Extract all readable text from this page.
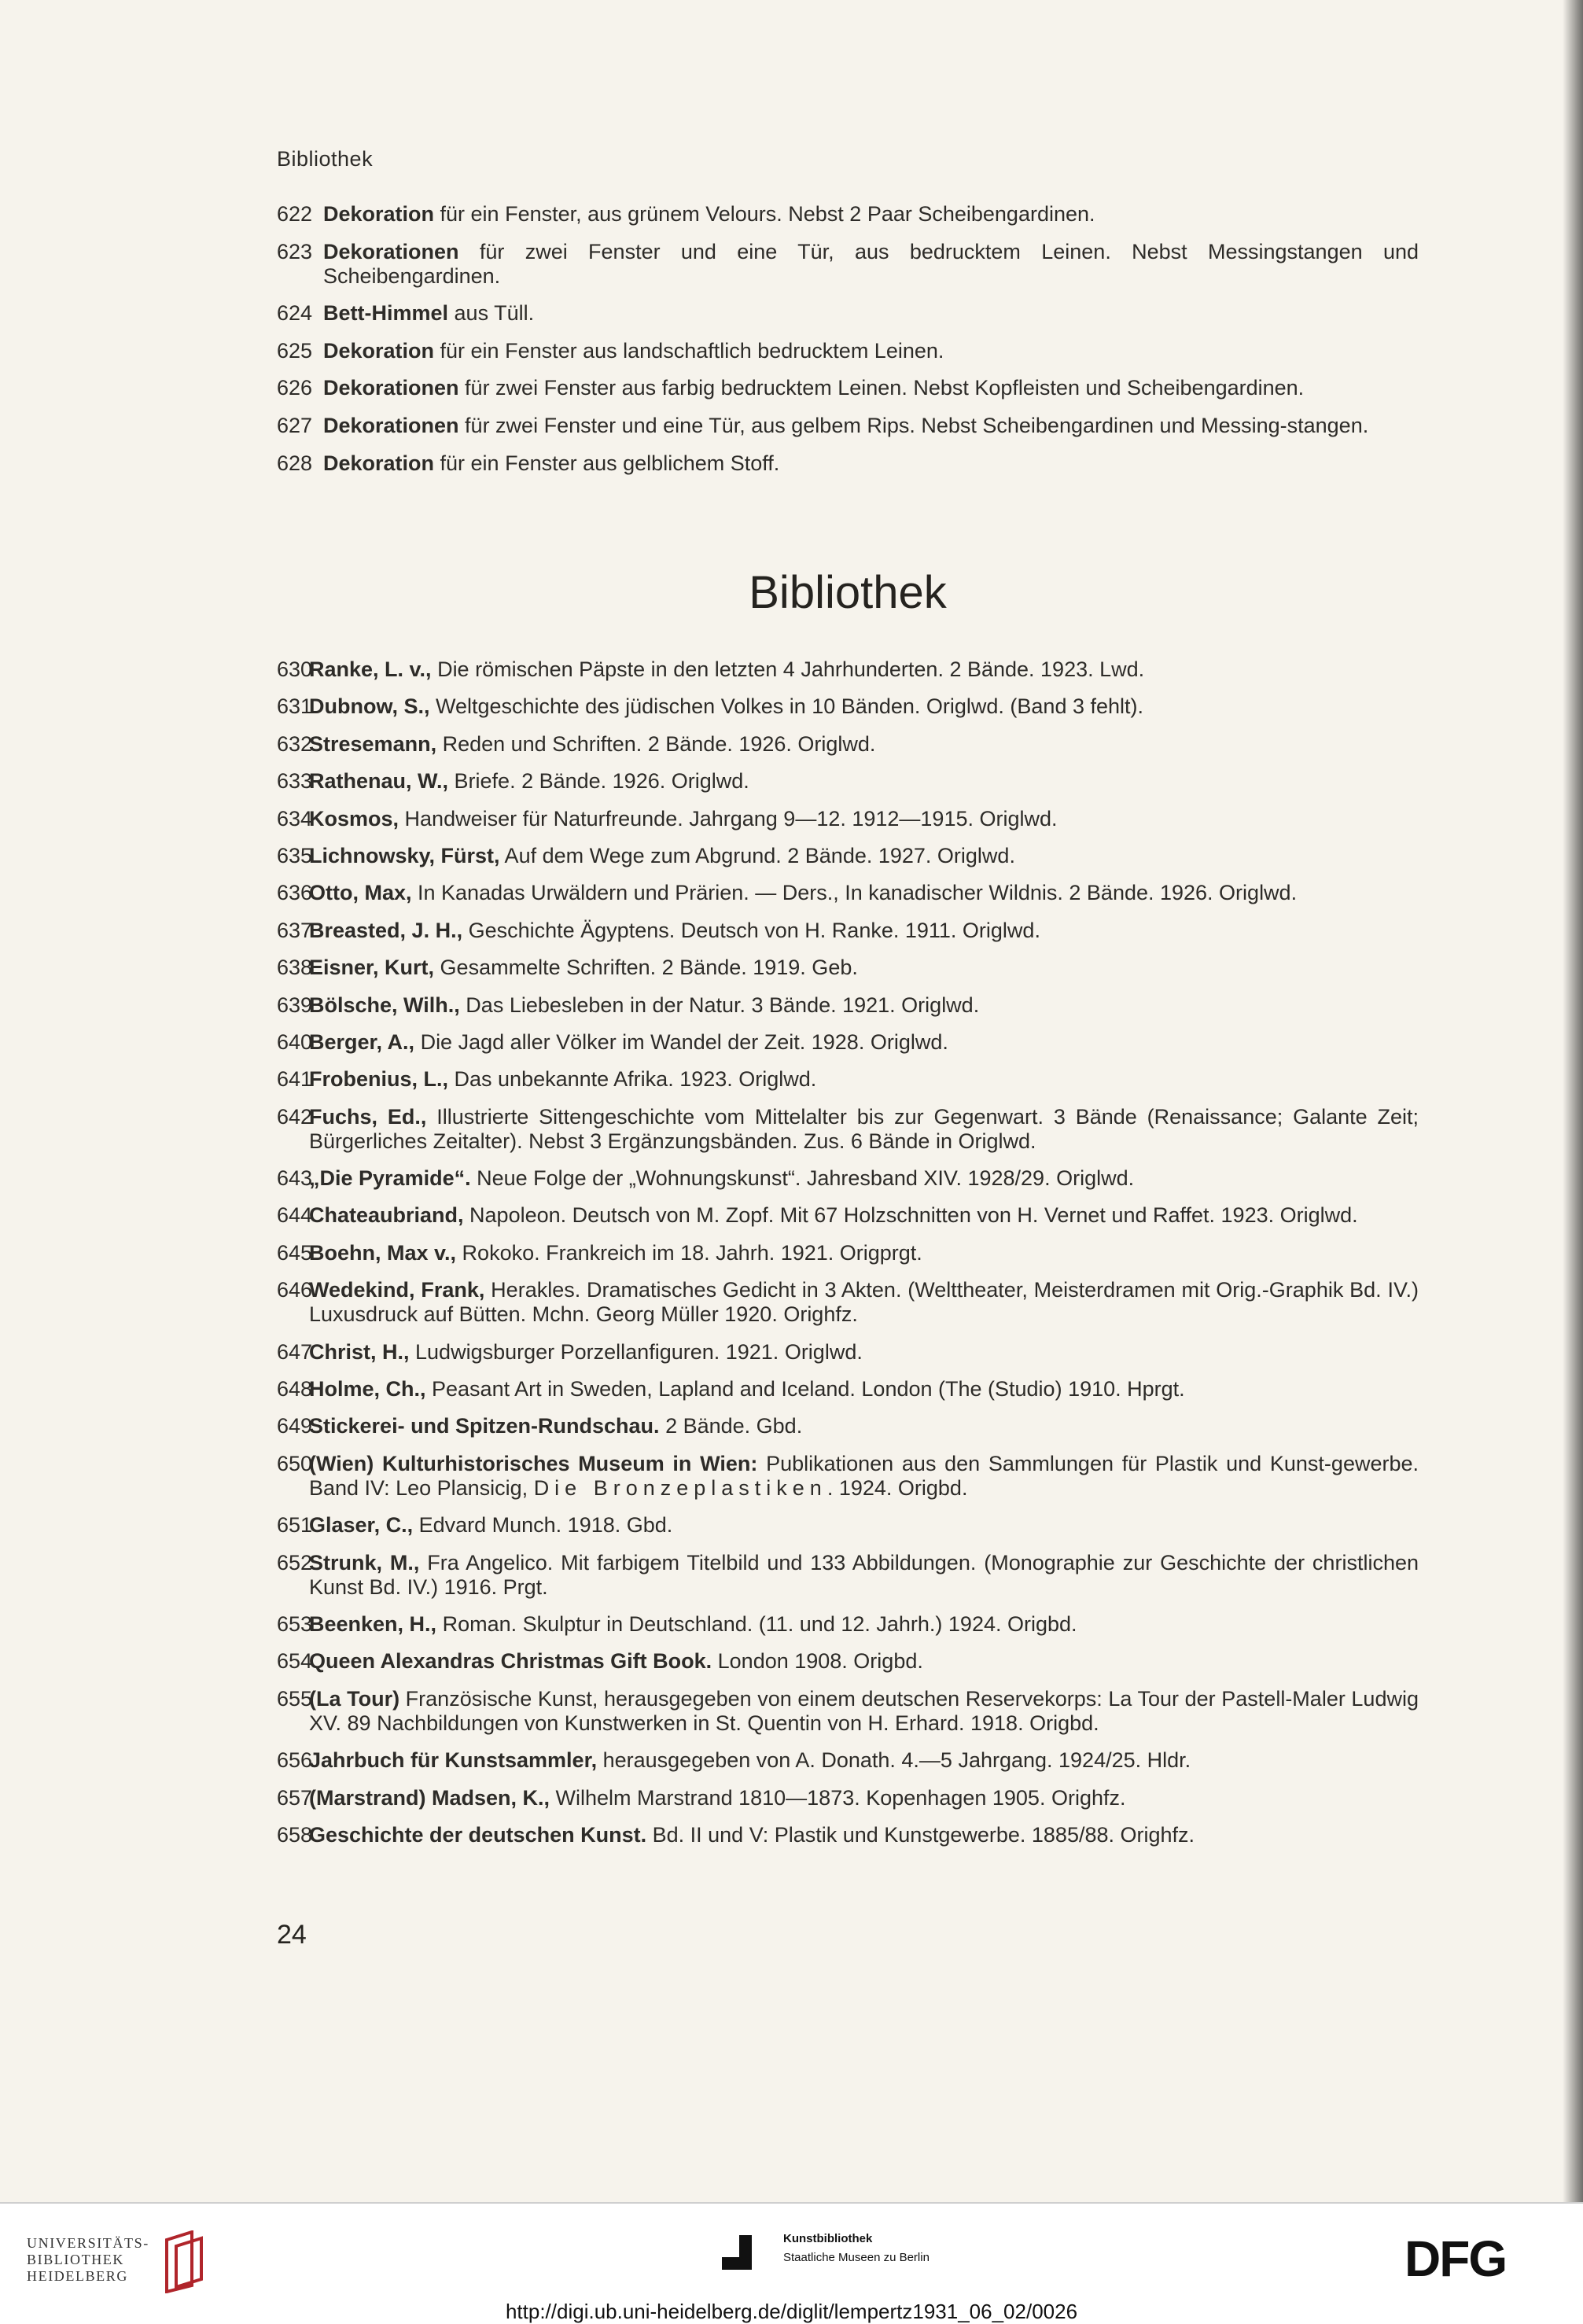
Bibliothek
622 Dekoration für ein Fenster, aus grünem Velours. Nebst 2 Paar Scheibengardinen.
623 Dekorationen für zwei Fenster und eine Tür, aus bedrucktem Leinen. Nebst Messingstangen und Scheibengardinen.
624 Bett-Himmel aus Tüll.
625 Dekoration für ein Fenster aus landschaftlich bedrucktem Leinen.
626 Dekorationen für zwei Fenster aus farbig bedrucktem Leinen. Nebst Kopfleisten und Scheibengardinen.
627 Dekorationen für zwei Fenster und eine Tür, aus gelbem Rips. Nebst Scheibengardinen und Messing-stangen.
628 Dekoration für ein Fenster aus gelblichem Stoff.
Bibliothek
630
Ranke, L. v., Die römischen Päpste in den letzten 4 Jahrhunderten. 2 Bände. 1923. Lwd.
631
Dubnow, S., Weltgeschichte des jüdischen Volkes in 10 Bänden. Origlwd. (Band 3 fehlt).
632
Stresemann, Reden und Schriften. 2 Bände. 1926. Origlwd.
633
Rathenau, W., Briefe. 2 Bände. 1926. Origlwd.
634
Kosmos, Handweiser für Naturfreunde. Jahrgang 9—12. 1912—1915. Origlwd.
635
Lichnowsky, Fürst, Auf dem Wege zum Abgrund. 2 Bände. 1927. Origlwd.
636
Otto, Max, In Kanadas Urwäldern und Prärien. — Ders., In kanadischer Wildnis. 2 Bände. 1926. Origlwd.
637
Breasted, J. H., Geschichte Ägyptens. Deutsch von H. Ranke. 1911. Origlwd.
638
Eisner, Kurt, Gesammelte Schriften. 2 Bände. 1919. Geb.
639
Bölsche, Wilh., Das Liebesleben in der Natur. 3 Bände. 1921. Origlwd.
640
Berger, A., Die Jagd aller Völker im Wandel der Zeit. 1928. Origlwd.
641
Frobenius, L., Das unbekannte Afrika. 1923. Origlwd.
642
Fuchs, Ed., Illustrierte Sittengeschichte vom Mittelalter bis zur Gegenwart. 3 Bände (Renaissance; Galante Zeit; Bürgerliches Zeitalter). Nebst 3 Ergänzungsbänden. Zus. 6 Bände in Origlwd.
643
„Die Pyramide“. Neue Folge der „Wohnungskunst“. Jahresband XIV. 1928/29. Origlwd.
644
Chateaubriand, Napoleon. Deutsch von M. Zopf. Mit 67 Holzschnitten von H. Vernet und Raffet. 1923. Origlwd.
645
Boehn, Max v., Rokoko. Frankreich im 18. Jahrh. 1921. Origprgt.
646
Wedekind, Frank, Herakles. Dramatisches Gedicht in 3 Akten. (Welttheater, Meisterdramen mit Orig.-Graphik Bd. IV.) Luxusdruck auf Bütten. Mchn. Georg Müller 1920. Orighfz.
647
Christ, H., Ludwigsburger Porzellanfiguren. 1921. Origlwd.
648
Holme, Ch., Peasant Art in Sweden, Lapland and Iceland. London (The (Studio) 1910. Hprgt.
649
Stickerei- und Spitzen-Rundschau. 2 Bände. Gbd.
650
(Wien) Kulturhistorisches Museum in Wien: Publikationen aus den Sammlungen für Plastik und Kunst-gewerbe. Band IV: Leo Plansicig, Die Bronzeplastiken. 1924. Origbd.
651
Glaser, C., Edvard Munch. 1918. Gbd.
652
Strunk, M., Fra Angelico. Mit farbigem Titelbild und 133 Abbildungen. (Monographie zur Geschichte der christlichen Kunst Bd. IV.) 1916. Prgt.
653
Beenken, H., Roman. Skulptur in Deutschland. (11. und 12. Jahrh.) 1924. Origbd.
654
Queen Alexandras Christmas Gift Book. London 1908. Origbd.
655
(La Tour) Französische Kunst, herausgegeben von einem deutschen Reservekorps: La Tour der Pastell-Maler Ludwig XV. 89 Nachbildungen von Kunstwerken in St. Quentin von H. Erhard. 1918. Origbd.
656
Jahrbuch für Kunstsammler, herausgegeben von A. Donath. 4.—5 Jahrgang. 1924/25. Hldr.
657
(Marstrand) Madsen, K., Wilhelm Marstrand 1810—1873. Kopenhagen 1905. Orighfz.
658
Geschichte der deutschen Kunst. Bd. II und V: Plastik und Kunstgewerbe. 1885/88. Orighfz.
24
UNIVERSITÄTS-
BIBLIOTHEK
HEIDELBERG
Kunstbibliothek
Staatliche Museen zu Berlin	DFG
http://digi.ub.uni-heidelberg.de/diglit/lempertz1931_06_02/0026
